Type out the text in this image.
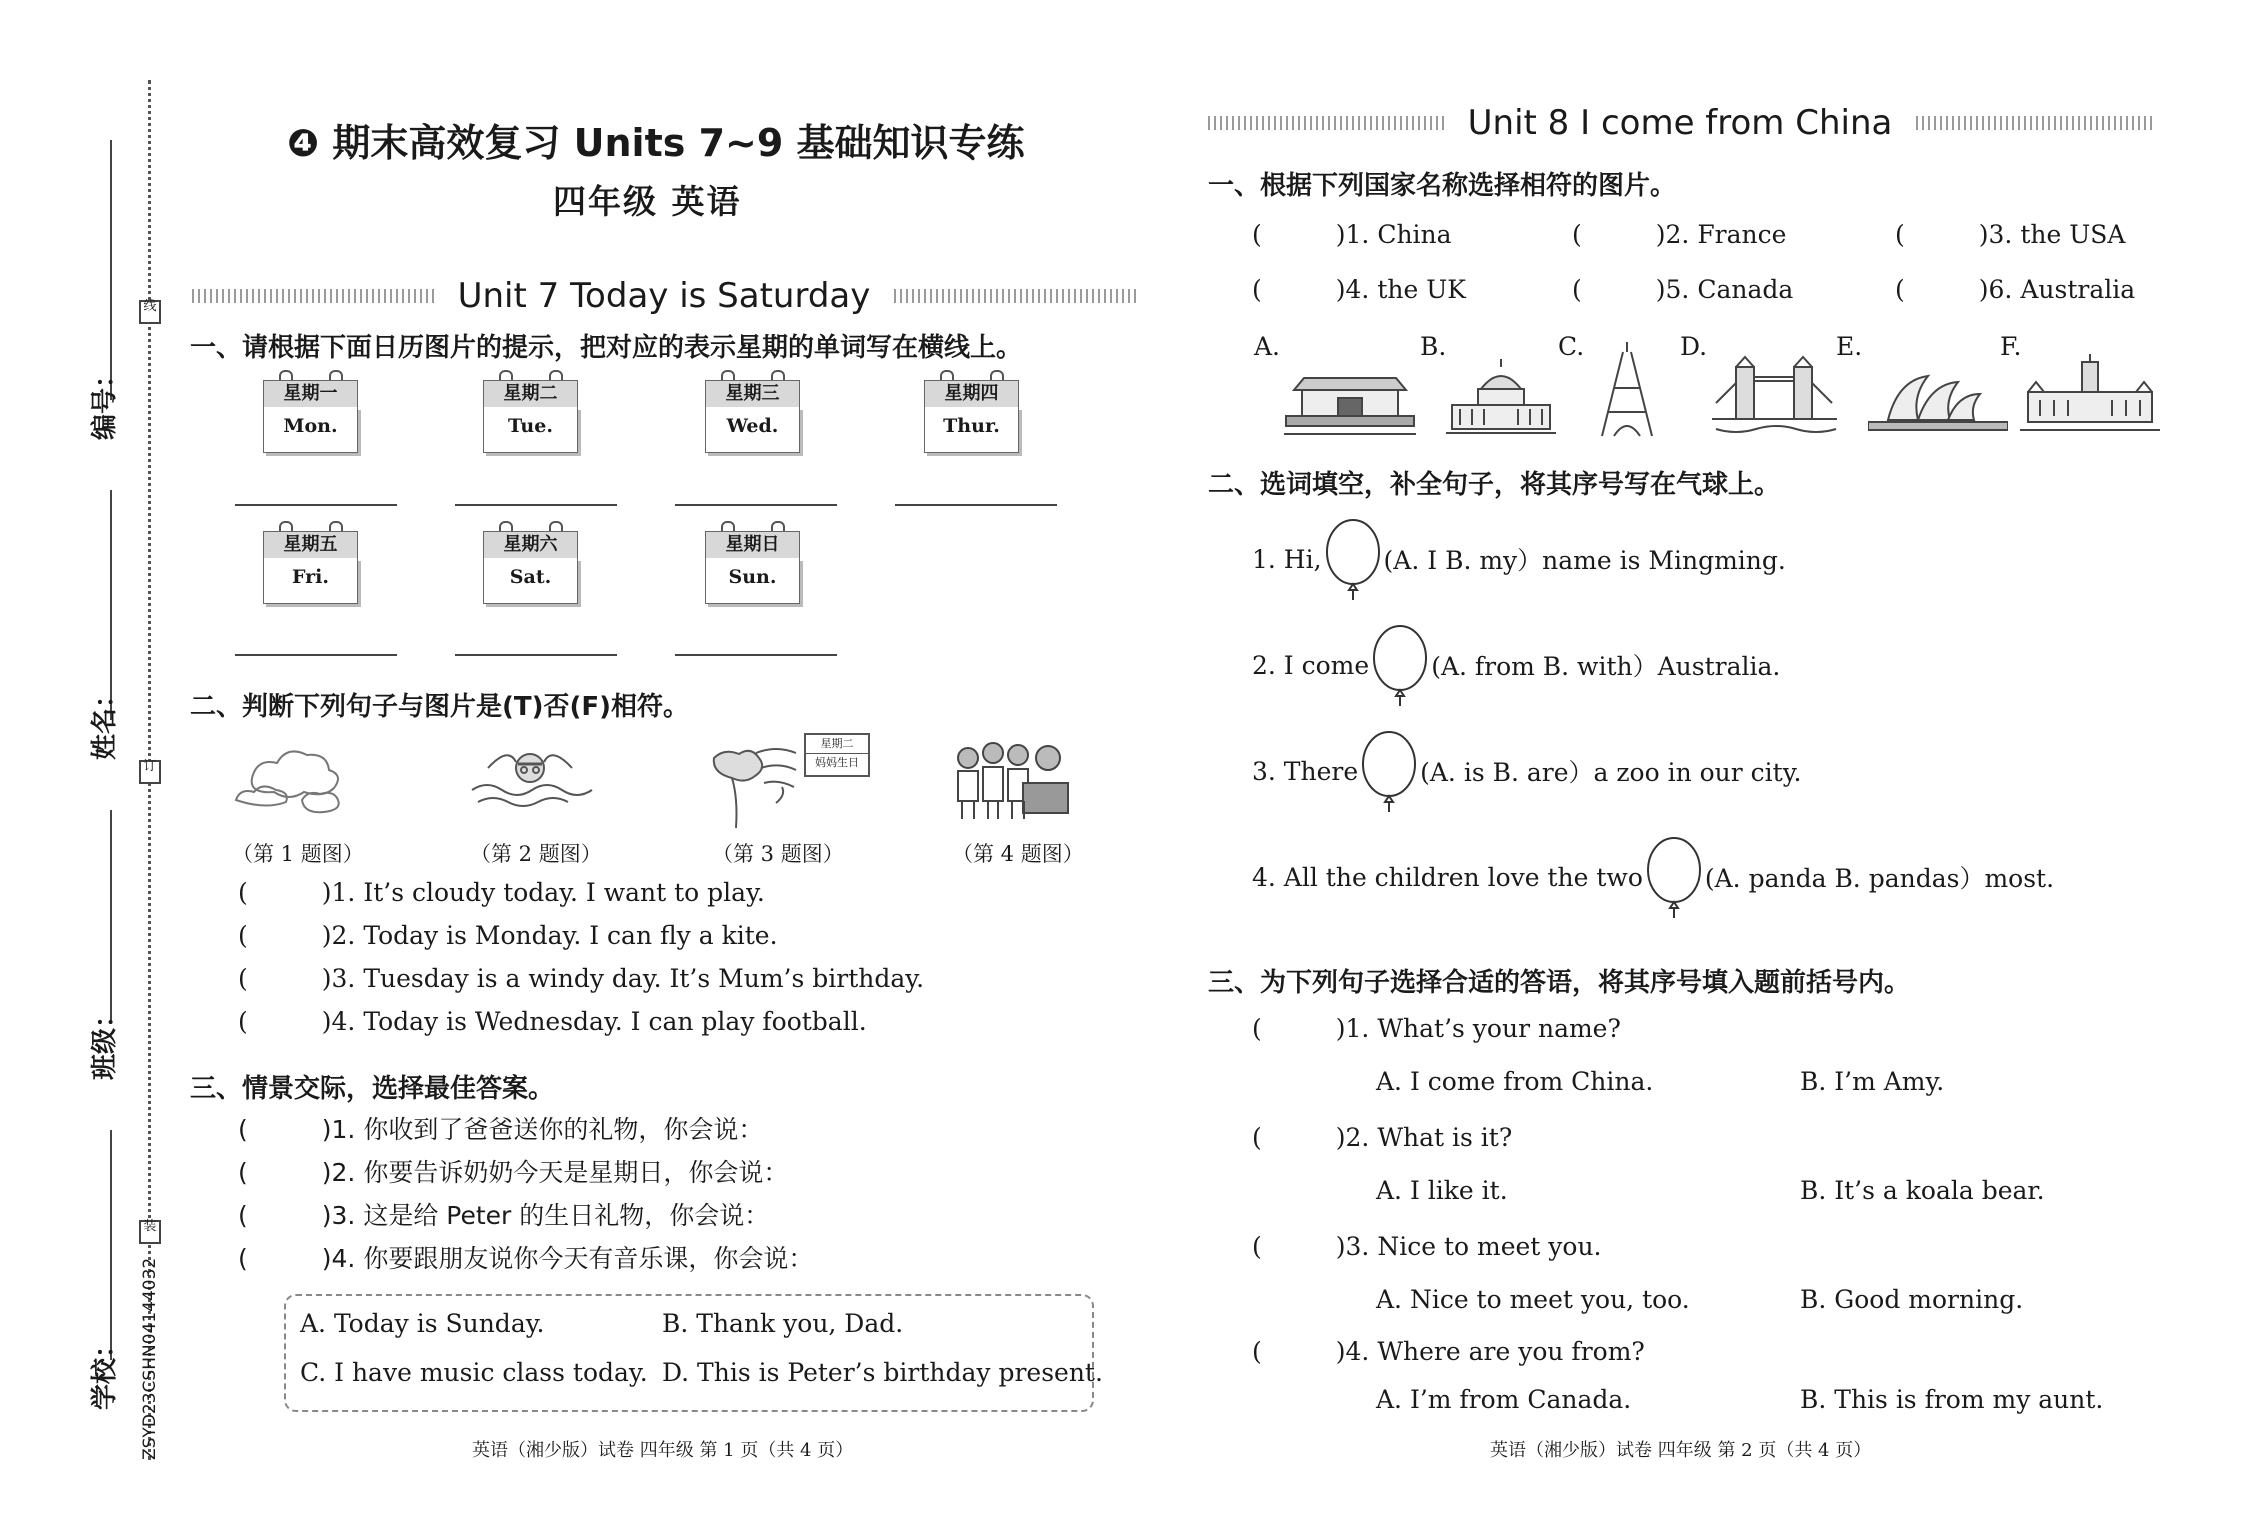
编号：
姓名：
班级：
学校：
线
订
装
ZSYD23CSHN04144032
❹ 期末高效复习 Units 7~9 基础知识专练
四年级 英语
Unit 7 Today is Saturday
一、请根据下面日历图片的提示，把对应的表示星期的单词写在横线上。
星期一
Mon.
星期二
Tue.
星期三
Wed.
星期四
Thur.
星期五
Fri.
星期六
Sat.
星期日
Sun.
二、判断下列句子与图片是(T)否(F)相符。
星期二
妈妈生日
（第 1 题图）	（第 2 题图）	（第 3 题图）	（第 4 题图）
(	)1. It’s cloudy today. I want to play.
(	)2. Today is Monday. I can fly a kite.
(	)3. Tuesday is a windy day. It’s Mum’s birthday.
(	)4. Today is Wednesday. I can play football.
三、情景交际，选择最佳答案。
(	)1. 你收到了爸爸送你的礼物，你会说：
(	)2. 你要告诉奶奶今天是星期日，你会说：
(	)3. 这是给 Peter 的生日礼物，你会说：
(	)4. 你要跟朋友说你今天有音乐课，你会说：
A. Today is Sunday.	B. Thank you, Dad.
C. I have music class today. D. This is Peter’s birthday present.
英语（湘少版）试卷 四年级 第 1 页（共 4 页）
Unit 8 I come from China
一、根据下列国家名称选择相符的图片。
(	)1. China	(	)2. France	(	)3. the USA
(	)4. the UK	(	)5. Canada	(	)6. Australia
A.	B.	C.	D.	E.	F.
二、选词填空，补全句子，将其序号写在气球上。
1. Hi, (A. I B. my）name is Mingming.
2. I come (A. from B. with）Australia.
3. There (A. is B. are）a zoo in our city.
4. All the children love the two (A. panda B. pandas）most.
三、为下列句子选择合适的答语，将其序号填入题前括号内。
(	)1. What’s your name?
A. I come from China.	B. I’m Amy.
(	)2. What is it?
A. I like it.	B. It’s a koala bear.
(	)3. Nice to meet you.
A. Nice to meet you, too.	B. Good morning.
(	)4. Where are you from?
A. I’m from Canada.	B. This is from my aunt.
英语（湘少版）试卷 四年级 第 2 页（共 4 页）
